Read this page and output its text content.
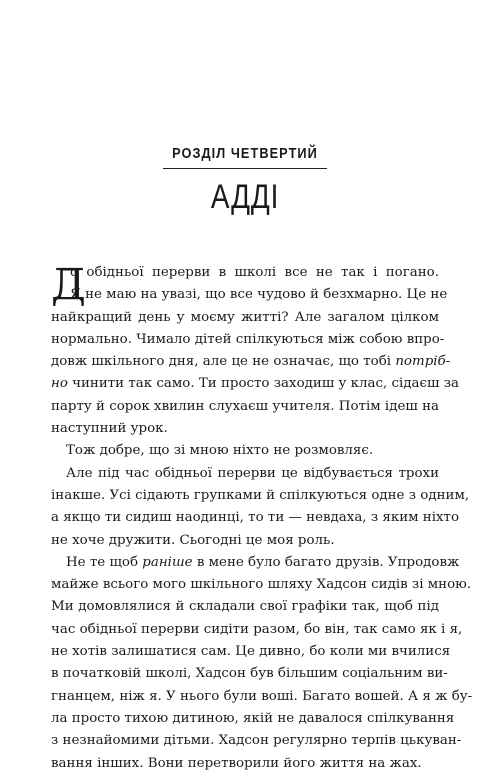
РОЗДІЛ ЧЕТВЕРТИЙ
АДДІ
Д
о обідньої перерви в школі все не так і погано.
Я не маю на увазі, що все чудово й безхмарно. Це не
найкращий день у моєму житті? Але загалом цілком
нормально. Чимало дітей спілкуються між собою впро-
довж шкільного дня, але це не означає, що тобі потріб-
но чинити так само. Ти просто заходиш у клас, сідаєш за
парту й сорок хвилин слухаєш учителя. Потім ідеш на
наступний урок.
Тож добре, що зі мною ніхто не розмовляє.
Але під час обідньої перерви це відбувається трохи
інакше. Усі сідають групками й спілкуються одне з одним,
а якщо ти сидиш наодинці, то ти — невдаха, з яким ніхто
не хоче дружити. Сьогодні це моя роль.
Не те щоб раніше в мене було багато друзів. Упродовж
майже всього мого шкільного шляху Хадсон сидів зі мною.
Ми домовлялися й складали свої графіки так, щоб під
час обідньої перерви сидіти разом, бо він, так само як і я,
не хотів залишатися сам. Це дивно, бо коли ми вчилися
в початковій школі, Хадсон був більшим соціальним ви-
гнанцем, ніж я. У нього були воші. Багато вошей. А я ж бу-
ла просто тихою дитиною, якій не давалося спілкування
з незнайомими дітьми. Хадсон регулярно терпів цькуван-
вання інших. Вони перетворили його життя на жах.
